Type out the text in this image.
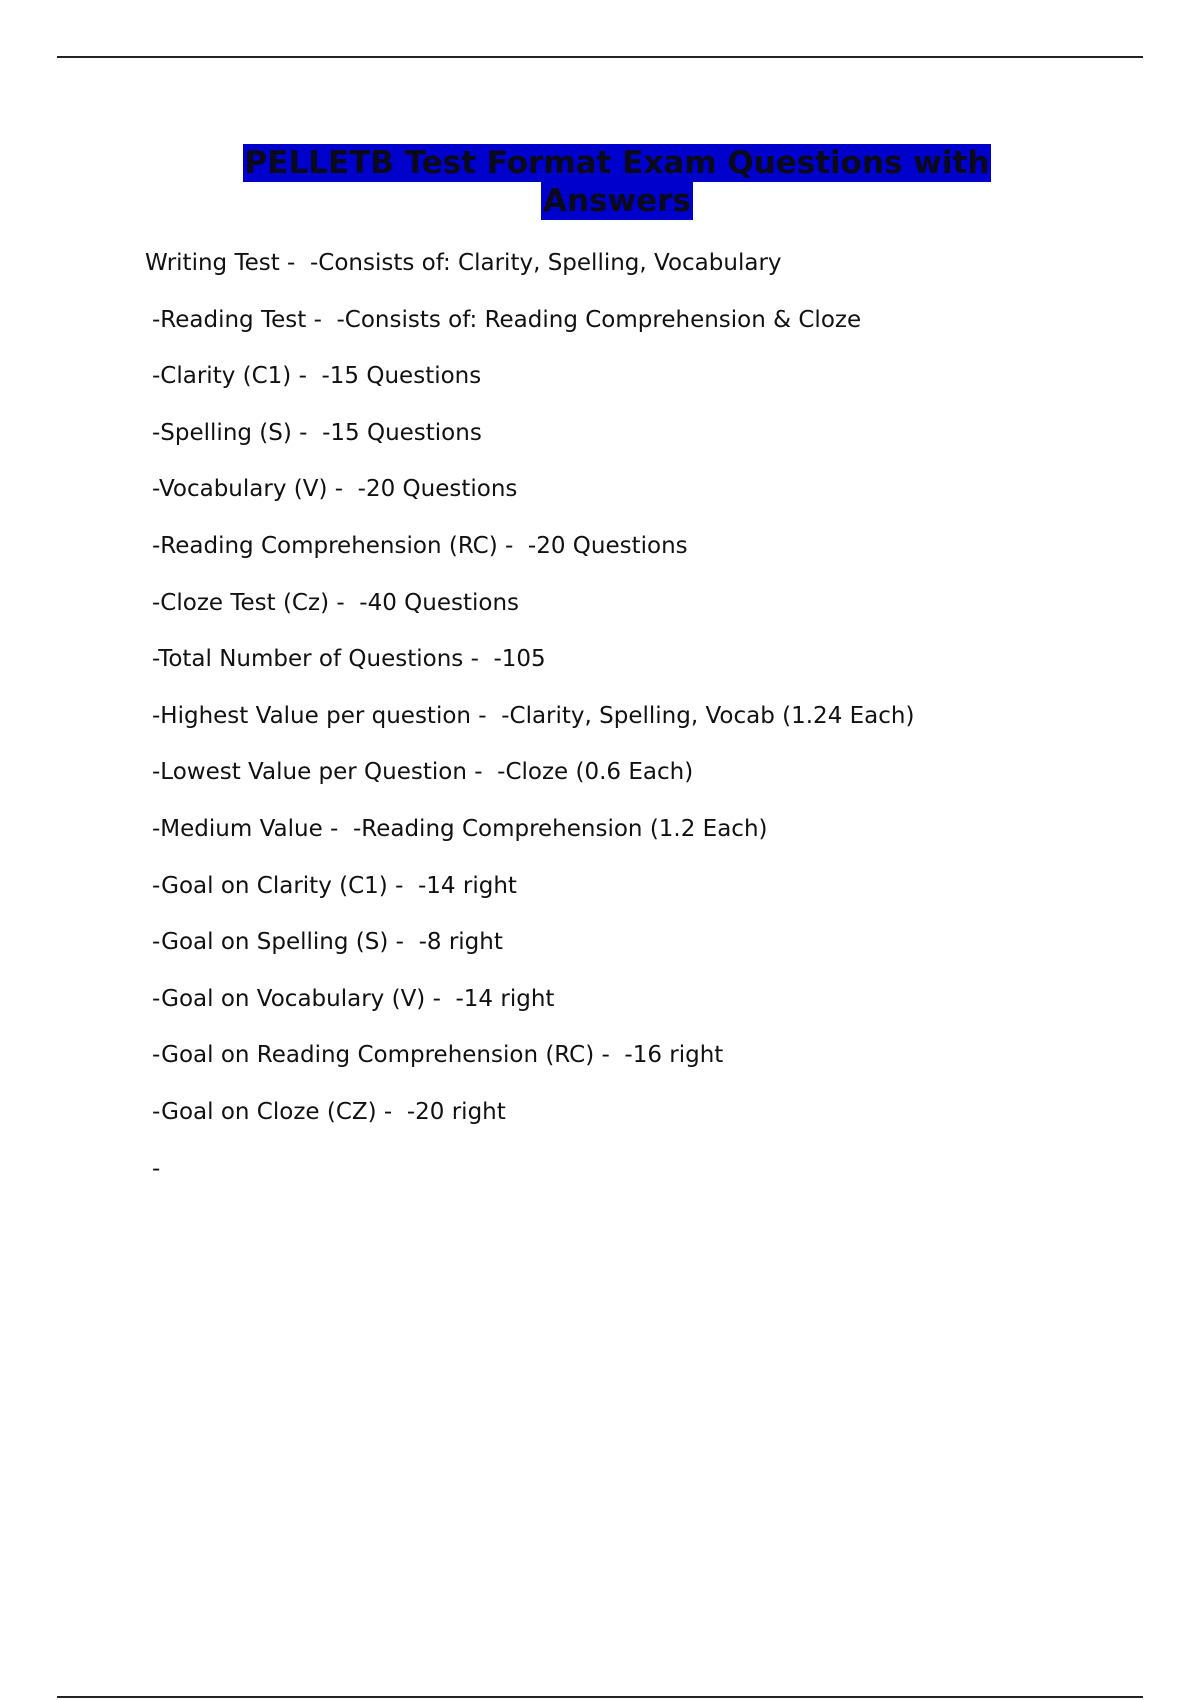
PELLETB Test Format Exam Questions with
Answers
Writing Test -  -Consists of: Clarity, Spelling, Vocabulary
-Reading Test -  -Consists of: Reading Comprehension & Cloze
-Clarity (C1) -  -15 Questions
-Spelling (S) -  -15 Questions
-Vocabulary (V) -  -20 Questions
-Reading Comprehension (RC) -  -20 Questions
-Cloze Test (Cz) -  -40 Questions
-Total Number of Questions -  -105
-Highest Value per question -  -Clarity, Spelling, Vocab (1.24 Each)
-Lowest Value per Question -  -Cloze (0.6 Each)
-Medium Value -  -Reading Comprehension (1.2 Each)
-Goal on Clarity (C1) -  -14 right
-Goal on Spelling (S) -  -8 right
-Goal on Vocabulary (V) -  -14 right
-Goal on Reading Comprehension (RC) -  -16 right
-Goal on Cloze (CZ) -  -20 right
-
